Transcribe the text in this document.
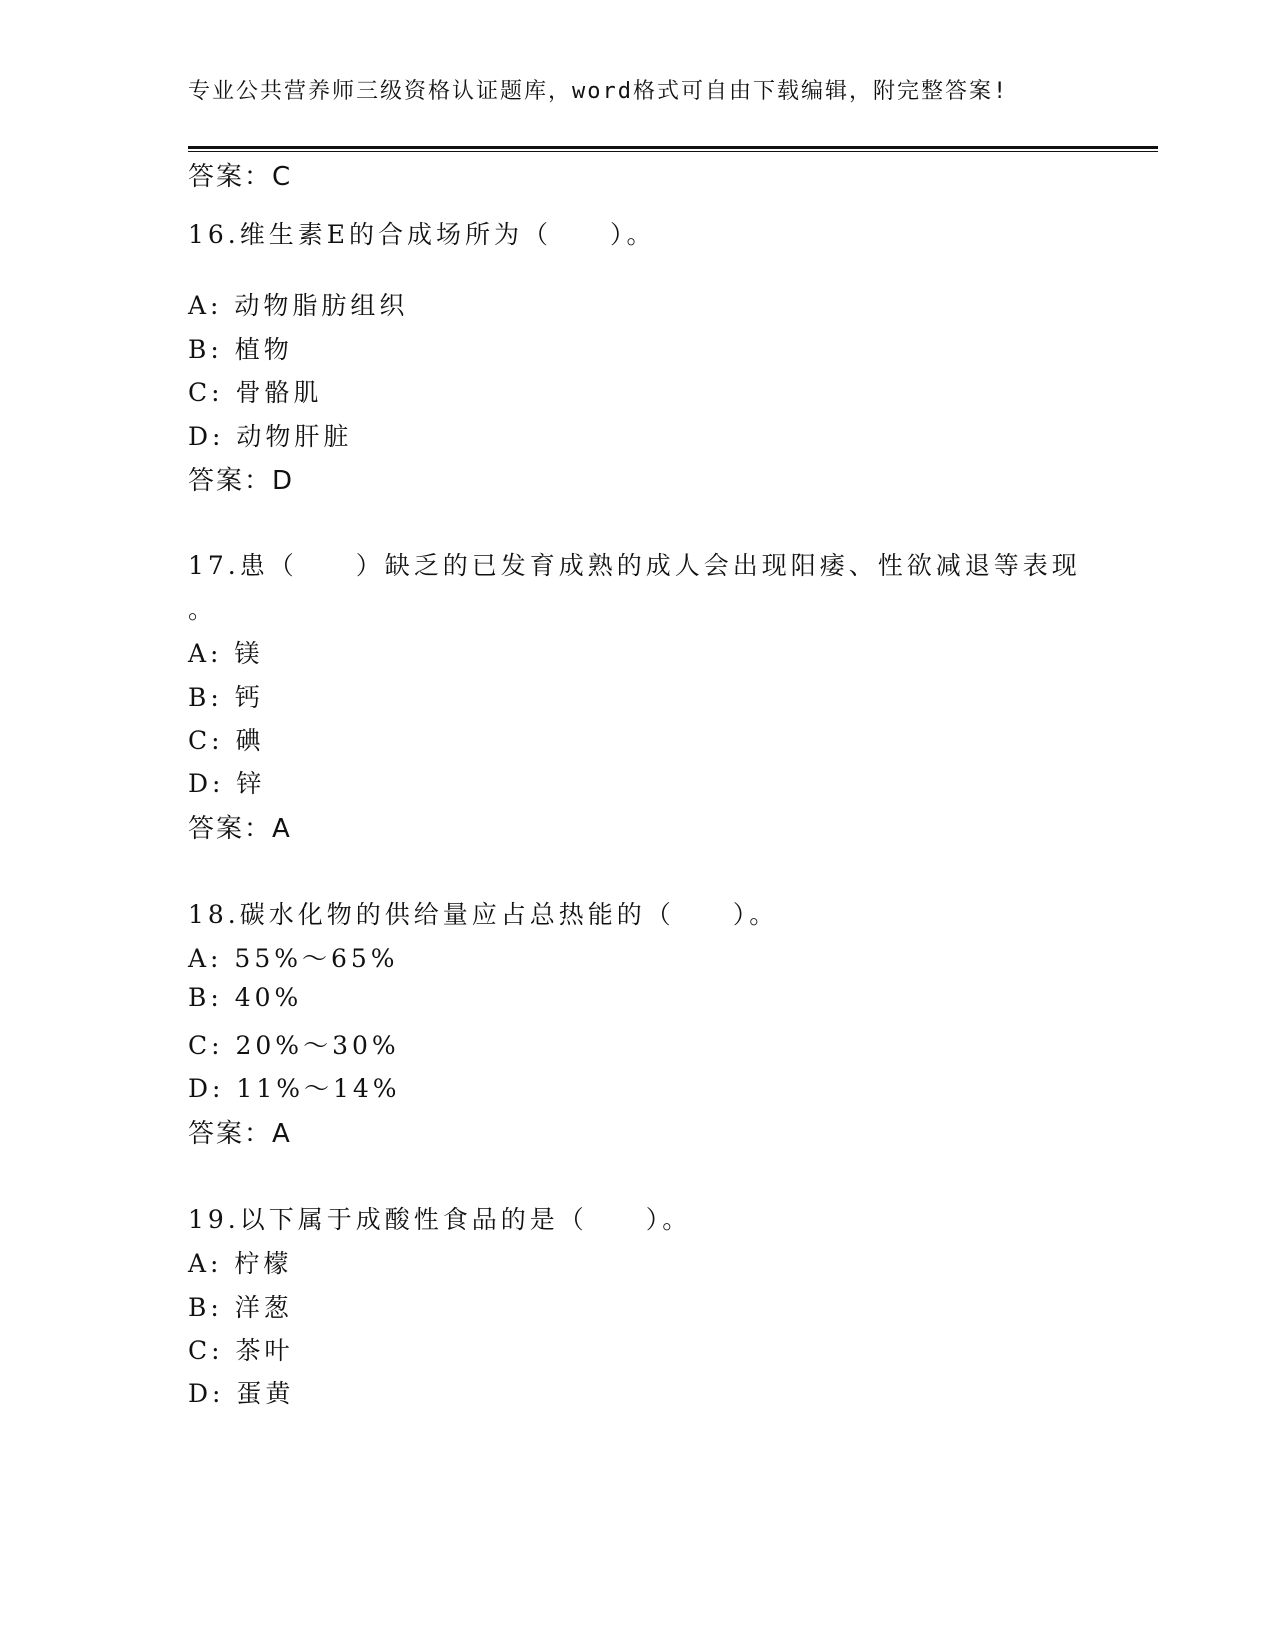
专业公共营养师三级资格认证题库，word格式可自由下载编辑，附完整答案!
答案：C
16.维生素E的合成场所为（　　）。
A: 动物脂肪组织
B: 植物
C: 骨骼肌
D: 动物肝脏
答案：D
17.患（　　）缺乏的已发育成熟的成人会出现阳痿、性欲减退等表现
。
A: 镁
B: 钙
C: 碘
D: 锌
答案：A
18.碳水化物的供给量应占总热能的（　　）。
A: 55%～65%
B: 40%
C: 20%～30%
D: 11%～14%
答案：A
19.以下属于成酸性食品的是（　　）。
A: 柠檬
B: 洋葱
C: 茶叶
D: 蛋黄
